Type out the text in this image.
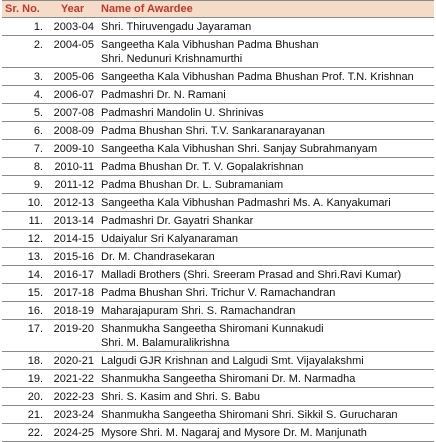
Sr. No.	Year	Name of Awardee
1.	2003-04	Shri. Thiruvengadu Jayaraman

2.	2004-05	Sangeetha Kala Vibhushan Padma Bhushan
Shri. Nedunuri Krishnamurthi

3.	2005-06	Sangeetha Kala Vibhushan Padma Bhushan Prof. T.N. Krishnan

4.	2006-07	Padmashri Dr. N. Ramani

5.	2007-08	Padmashri Mandolin U. Shrinivas

6.	2008-09	Padma Bhushan Shri. T.V. Sankaranarayanan

7.	2009-10	Sangeetha Kala Vibhushan Shri. Sanjay Subrahmanyam

8.	2010-11	Padma Bhushan Dr. T. V. Gopalakrishnan

9.	2011-12	Padma Bhushan Dr. L. Subramaniam

10.	2012-13	Sangeetha Kala Vibhushan Padmashri Ms. A. Kanyakumari

11.	2013-14	Padmashri Dr. Gayatri Shankar

12.	2014-15	Udaiyalur Sri Kalyanaraman

13.	2015-16	Dr. M. Chandrasekaran

14.	2016-17	Malladi Brothers (Shri. Sreeram Prasad and Shri.Ravi Kumar)

15.	2017-18	Padma Bhushan Shri. Trichur V. Ramachandran

16.	2018-19	Maharajapuram Shri. S. Ramachandran

17.	2019-20	Shanmukha Sangeetha Shiromani Kunnakudi
Shri. M. Balamuralikrishna

18.	2020-21	Lalgudi GJR Krishnan and Lalgudi Smt. Vijayalakshmi

19.	2021-22	Shanmukha Sangeetha Shiromani Dr. M. Narmadha

20.	2022-23	Shri. S. Kasim and Shri. S. Babu

21.	2023-24	Shanmukha Sangeetha Shiromani Shri. Sikkil S. Gurucharan

22.	2024-25	Mysore Shri. M. Nagaraj and Mysore Dr. M. Manjunath
